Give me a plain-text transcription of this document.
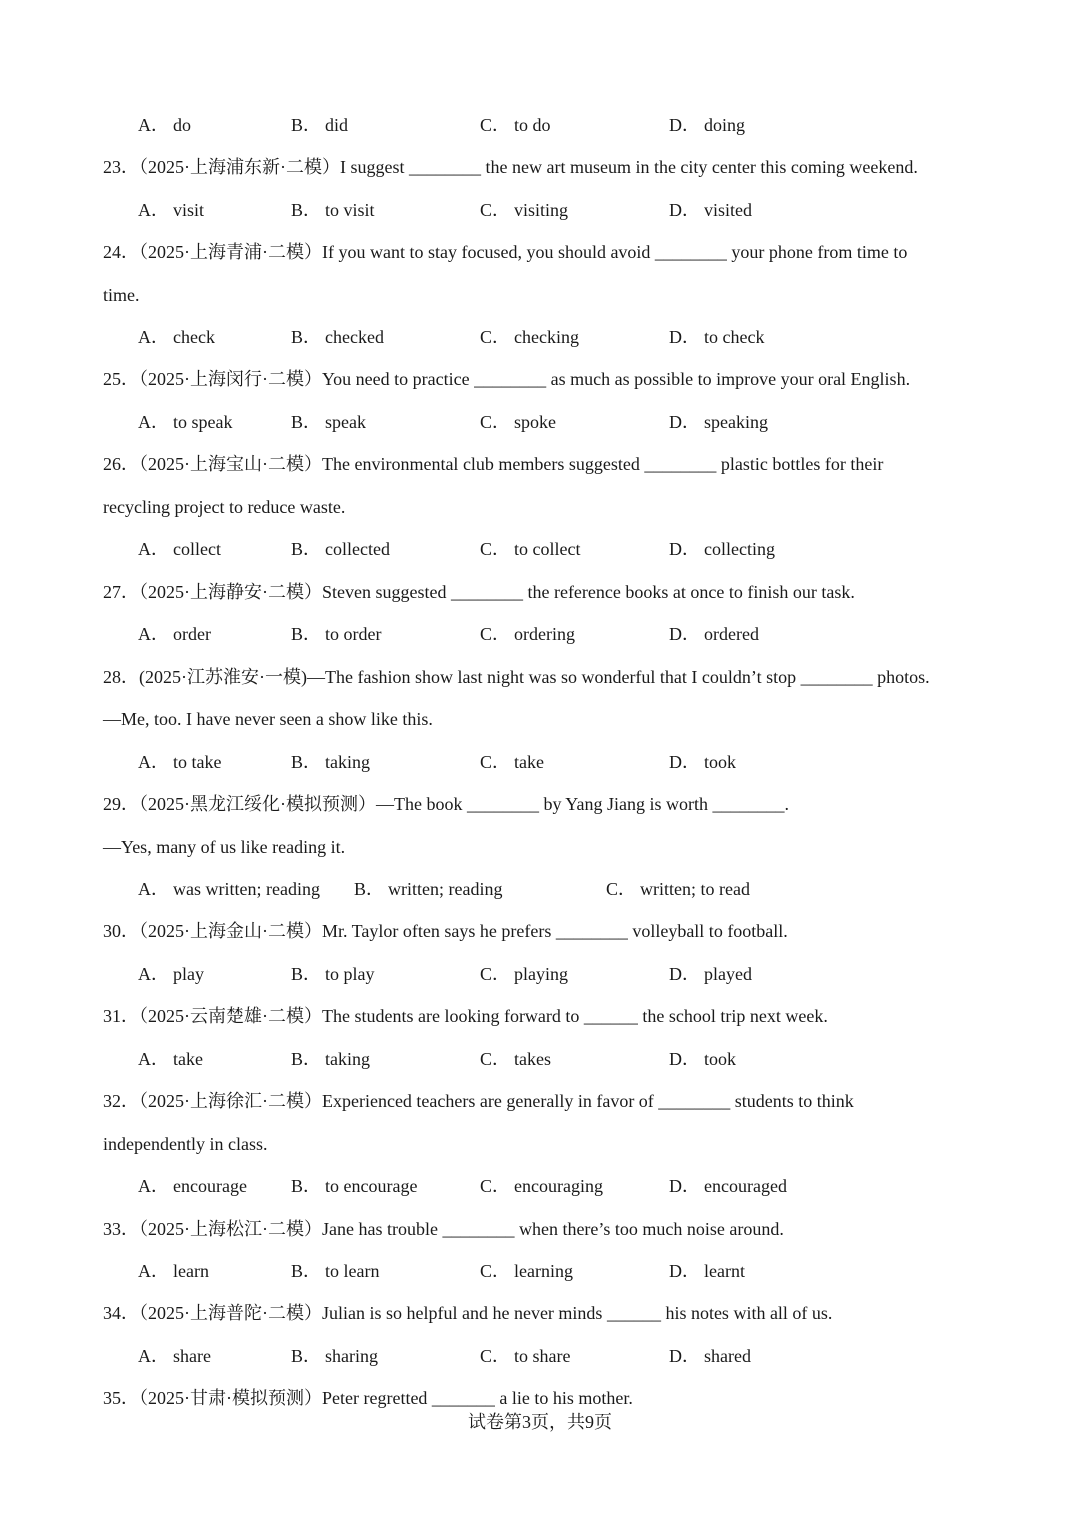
A． do	B． did	C． to do	D． doing
23．（2025·上海浦东新·二模）I suggest ________ the new art museum in the city center this coming weekend.
A． visit	B． to visit	C． visiting	D． visited
24．（2025·上海青浦·二模）If you want to stay focused, you should avoid ________ your phone from time to
time.
A． check	B． checked	C． checking	D． to check
25．（2025·上海闵行·二模）You need to practice ________ as much as possible to improve your oral English.
A． to speak	B． speak	C． spoke	D． speaking
26．（2025·上海宝山·二模）The environmental club members suggested ________ plastic bottles for their
recycling project to reduce waste.
A． collect	B． collected	C． to collect	D． collecting
27．（2025·上海静安·二模）Steven suggested ________ the reference books at once to finish our task.
A． order	B． to order	C． ordering	D． ordered
28．(2025·江苏淮安·一模)—The fashion show last night was so wonderful that I couldn’t stop ________ photos.
—Me, too. I have never seen a show like this.
A． to take	B． taking	C． take	D． took
29．（2025·黑龙江绥化·模拟预测）—The book ________ by Yang Jiang is worth ________.
—Yes, many of us like reading it.
A． was written; reading B． written; reading	C． written; to read
30．（2025·上海金山·二模）Mr. Taylor often says he prefers ________ volleyball to football.
A． play	B． to play	C． playing	D． played
31．（2025·云南楚雄·二模）The students are looking forward to ______ the school trip next week.
A． take	B． taking	C． takes	D． took
32．（2025·上海徐汇·二模）Experienced teachers are generally in favor of ________ students to think
independently in class.
A． encourage B． to encourage	C． encouraging	D． encouraged
33．（2025·上海松江·二模）Jane has trouble ________ when there’s too much noise around.
A． learn	B． to learn	C． learning	D． learnt
34．（2025·上海普陀·二模）Julian is so helpful and he never minds ______ his notes with all of us.
A． share	B． sharing	C． to share	D． shared
35．（2025·甘肃·模拟预测）Peter regretted _______ a lie to his mother.
试卷第3页，共9页
